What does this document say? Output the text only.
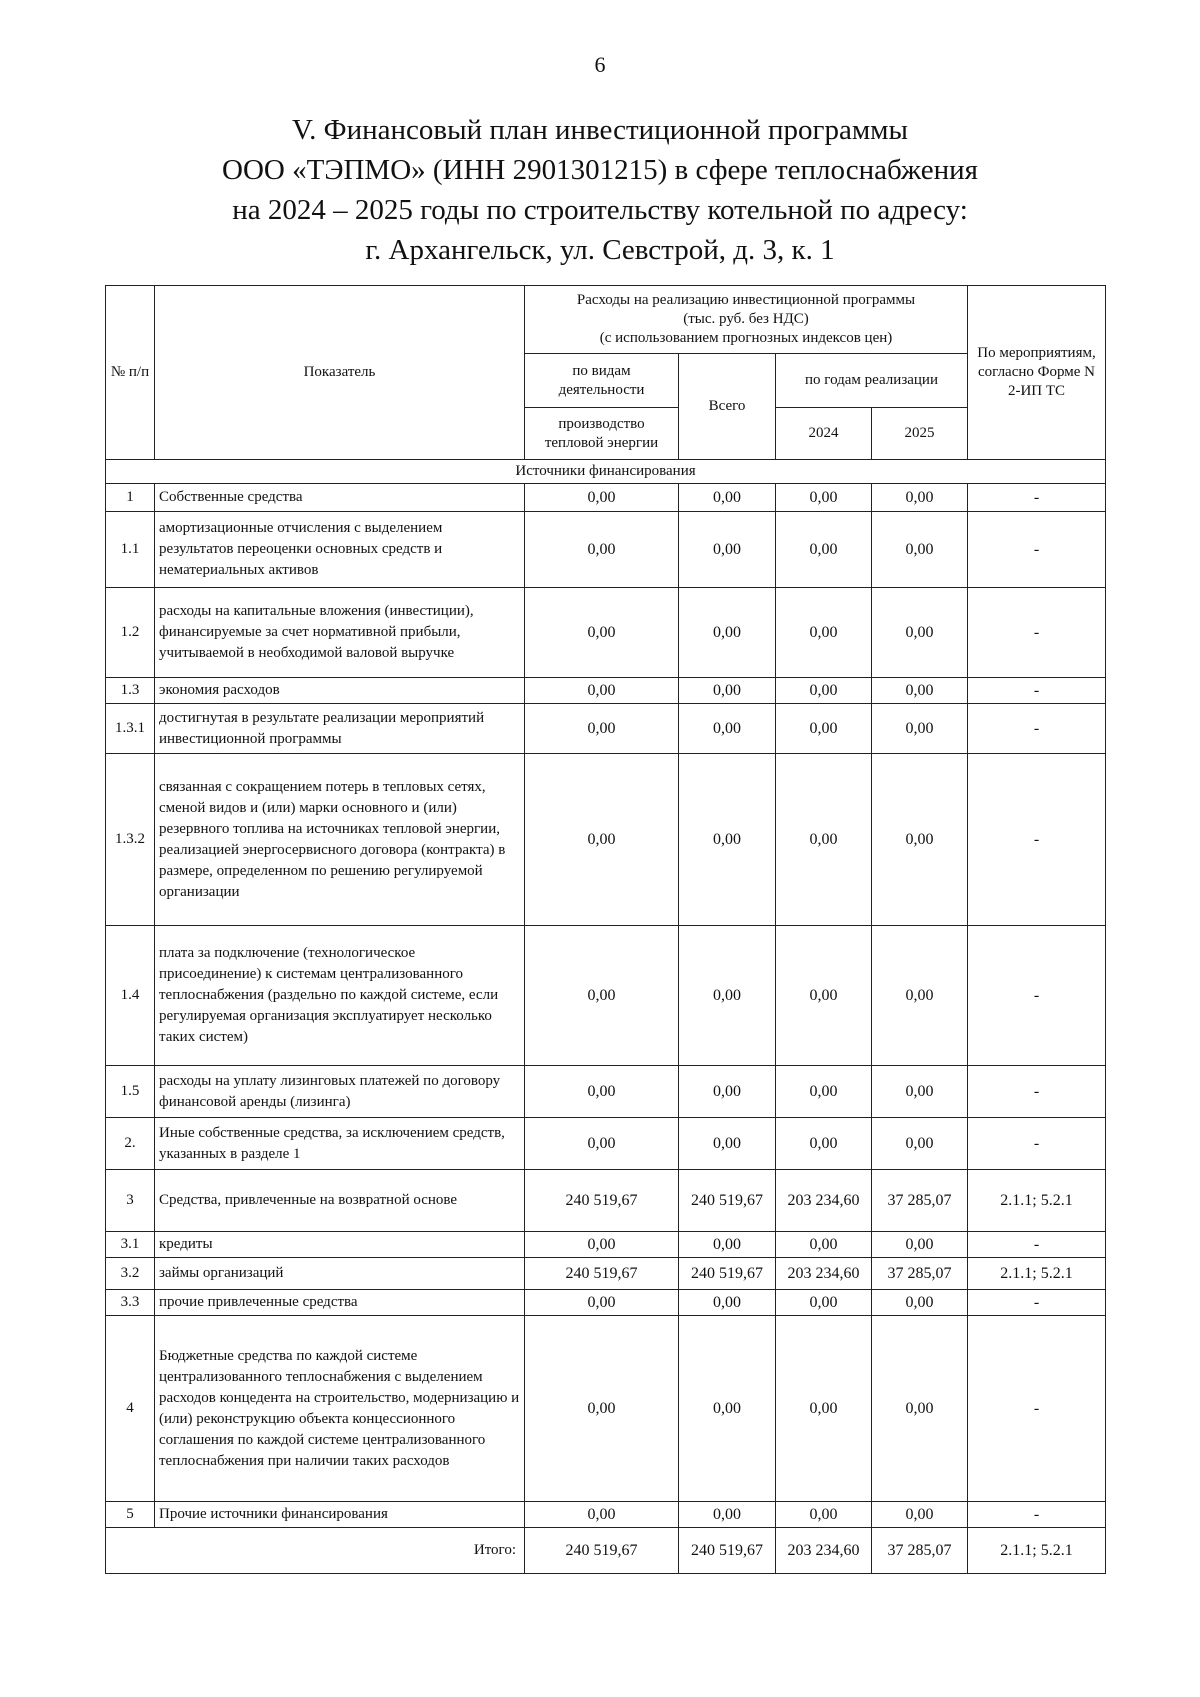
6
V. Финансовый план инвестиционной программы
ООО «ТЭПМО» (ИНН 2901301215) в сфере теплоснабжения
на 2024 – 2025 годы по строительству котельной по адресу:
г. Архангельск, ул. Севстрой, д. 3, к. 1
№ п/п	Показатель	Расходы на реализацию инвестиционной программы
(тыс. руб. без НДС)
(с использованием прогнозных индексов цен)				По мероприятиям, согласно Форме N 2-ИП ТС
		по видам деятельности	Всего	по годам реализации		
		производство тепловой энергии		2024	2025	
Источники финансирования						
1	Собственные средства	0,00	0,00	0,00	0,00	-
1.1	амортизационные отчисления с выделением результатов переоценки основных средств и нематериальных активов	0,00	0,00	0,00	0,00	-
1.2	расходы на капитальные вложения (инвестиции), финансируемые за счет нормативной прибыли, учитываемой в необходимой валовой выручке	0,00	0,00	0,00	0,00	-
1.3	экономия расходов	0,00	0,00	0,00	0,00	-
1.3.1	достигнутая в результате реализации мероприятий инвестиционной программы	0,00	0,00	0,00	0,00	-
1.3.2	связанная с сокращением потерь в тепловых сетях, сменой видов и (или) марки основного и (или) резервного топлива на источниках тепловой энергии, реализацией энергосервисного договора (контракта) в размере, определенном по решению регулируемой организации	0,00	0,00	0,00	0,00	-
1.4	плата за подключение (технологическое присоединение) к системам централизованного теплоснабжения (раздельно по каждой системе, если регулируемая организация эксплуатирует несколько таких систем)	0,00	0,00	0,00	0,00	-
1.5	расходы на уплату лизинговых платежей по договору финансовой аренды (лизинга)	0,00	0,00	0,00	0,00	-
2.	Иные собственные средства, за исключением средств, указанных в разделе 1	0,00	0,00	0,00	0,00	-
3	Средства, привлеченные на возвратной основе	240 519,67	240 519,67	203 234,60	37 285,07	2.1.1; 5.2.1
3.1	кредиты	0,00	0,00	0,00	0,00	-
3.2	займы организаций	240 519,67	240 519,67	203 234,60	37 285,07	2.1.1; 5.2.1
3.3	прочие привлеченные средства	0,00	0,00	0,00	0,00	-
4	Бюджетные средства по каждой системе централизованного теплоснабжения с выделением расходов концедента на строительство, модернизацию и (или) реконструкцию объекта концессионного соглашения по каждой системе централизованного теплоснабжения при наличии таких расходов	0,00	0,00	0,00	0,00	-
5	Прочие источники финансирования	0,00	0,00	0,00	0,00	-
Итого:		240 519,67	240 519,67	203 234,60	37 285,07	2.1.1; 5.2.1
